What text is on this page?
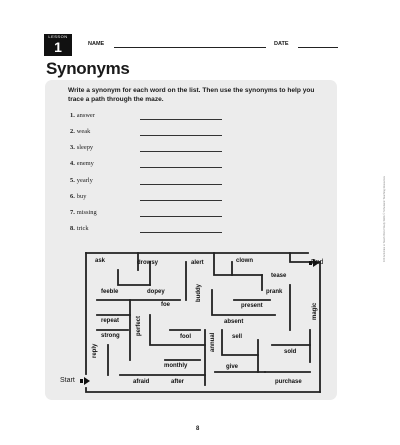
LESSON
1	NAME	DATE
Synonyms
Write a synonym for each word on the list. Then use the synonyms to help you trace a path through the maze.
1. answer
2. weak
3. sleepy
4. enemy
5. yearly
6. buy
7. missing
8. trick
ask	drowsy	alert	clown
tease
prank
feeble	dopey	buddy
foe	present	magic
repeat	perfect	absent
strong	fool	annual	sell
reply	sold
monthly	give
afraid	after	purchase
Start
End
8
100 Activities to Teach Word Study Skills © Scholastic Teaching Resources
